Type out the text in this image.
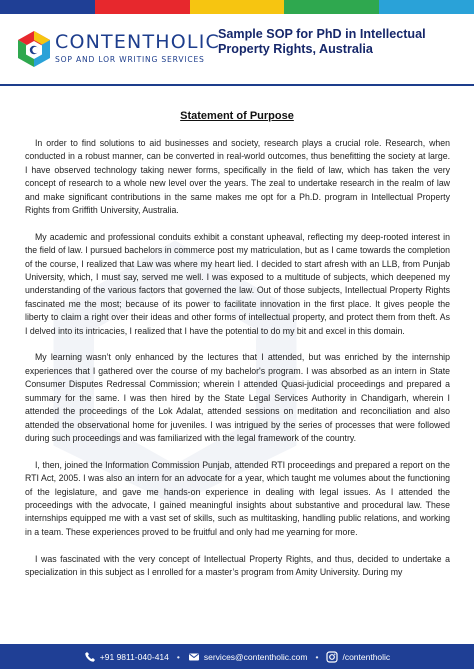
CONTENTHOLIC
SOP AND LOR WRITING SERVICES
Sample SOP for PhD in Intellectual Property Rights, Australia
Statement of Purpose

In order to find solutions to aid businesses and society, research plays a crucial role. Research, when conducted in a robust manner, can be converted in real-world outcomes, thus benefitting the society at large. I have observed technology taking newer forms, specifically in the field of law, which has taken the very concept of research to a whole new level over the years. The zeal to undertake research in the realm of law and make significant contributions in the same makes me opt for a Ph.D. program in Intellectual Property Rights from Griffith University, Australia.

My academic and professional conduits exhibit a constant upheaval, reflecting my deep-rooted interest in the field of law. I pursued bachelors in commerce post my matriculation, but as I came towards the completion of the course, I realized that Law was where my heart lied. I decided to start afresh with an LLB, from Punjab University, which, I must say, served me well. I was exposed to a multitude of subjects, which deepened my understanding of the various factors that governed the law. Out of those subjects, Intellectual Property Rights fascinated me the most; because of its power to facilitate innovation in the first place. It gives people the liberty to claim a right over their ideas and other forms of intellectual property, and protect them from theft. As I delved into its intricacies, I realized that I have the potential to do my bit and excel in this domain.

My learning wasn’t only enhanced by the lectures that I attended, but was enriched by the internship experiences that I gathered over the course of my bachelor's program. I was absorbed as an intern in State Consumer Disputes Redressal Commission; wherein I attended Quasi-judicial proceedings and prepared a summary for the same. I was then hired by the State Legal Services Authority in Chandigarh, wherein I attended the proceedings of the Lok Adalat, attended sessions on meditation and reconciliation and also attended the observational home for juveniles. I was intrigued by the series of processes that were followed during such proceedings and was familiarized with the legal framework of the country.

I, then, joined the Information Commission Punjab, attended RTI proceedings and prepared a report on the RTI Act, 2005. I was also an intern for an advocate for a year, which taught me volumes about the functioning of the legislature, and gave me hands-on experience in dealing with legal issues. As I attended the proceedings with the advocate, I gained meaningful insights about substantive and procedural law. These internships equipped me with a vast set of skills, such as multitasking, handling public relations, and working in a team. These experiences proved to be fruitful and only had me yearning for more.

I was fascinated with the very concept of Intellectual Property Rights, and thus, decided to undertake a specialization in this subject as I enrolled for a master’s program from Amity University. During my

+91 9811-040-414 •	services@contentholic.com •	/contentholic
